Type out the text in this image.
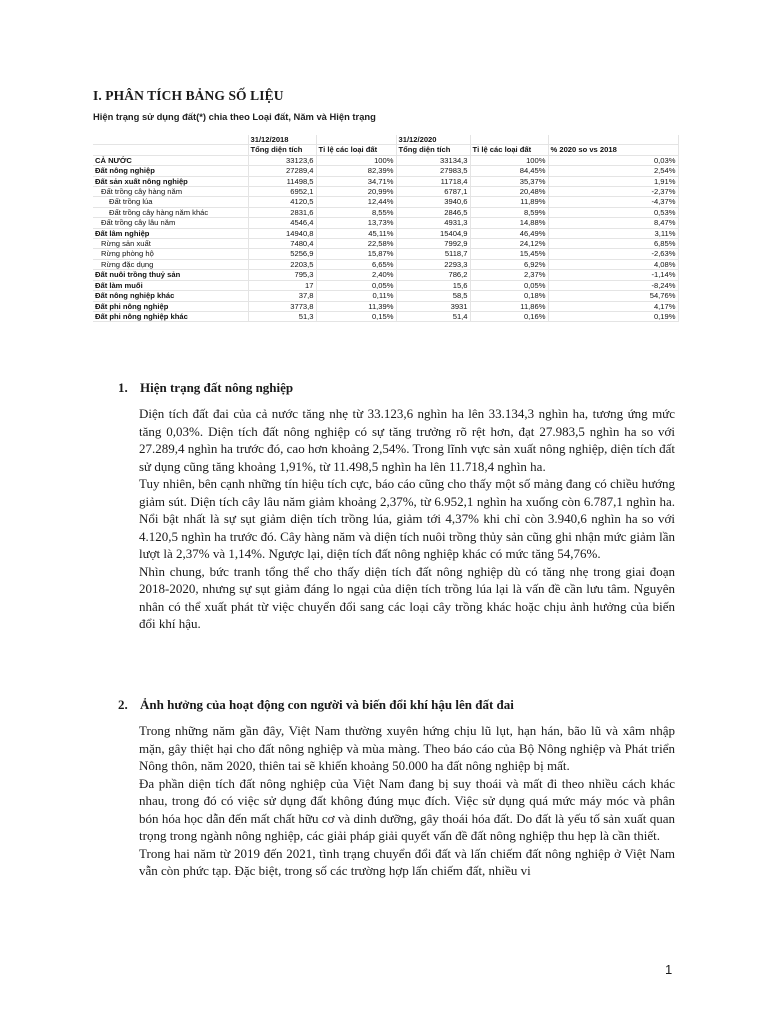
I. PHÂN TÍCH BẢNG SỐ LIỆU
Hiện trạng sử dụng đất(*) chia theo Loại đất, Năm và Hiện trạng
	31/12/2018		31/12/2020		
	Tổng diện tích	Tỉ lệ các loại đất	Tổng diện tích	Tỉ lệ các loại đất	% 2020 so vs 2018
CẢ NƯỚC	33123,6	100%	33134,3	100%	0,03%
Đất nông nghiệp	27289,4	82,39%	27983,5	84,45%	2,54%
Đất sản xuất nông nghiệp	11498,5	34,71%	11718,4	35,37%	1,91%
Đất trồng cây hàng năm	6952,1	20,99%	6787,1	20,48%	-2,37%
Đất trồng lúa	4120,5	12,44%	3940,6	11,89%	-4,37%
Đất trồng cây hàng năm khác	2831,6	8,55%	2846,5	8,59%	0,53%
Đất trồng cây lâu năm	4546,4	13,73%	4931,3	14,88%	8,47%
Đất lâm nghiệp	14940,8	45,11%	15404,9	46,49%	3,11%
Rừng sản xuất	7480,4	22,58%	7992,9	24,12%	6,85%
Rừng phòng hộ	5256,9	15,87%	5118,7	15,45%	-2,63%
Rừng đặc dụng	2203,5	6,65%	2293,3	6,92%	4,08%
Đất nuôi trồng thuỷ sản	795,3	2,40%	786,2	2,37%	-1,14%
Đất làm muối	17	0,05%	15,6	0,05%	-8,24%
Đất nông nghiệp khác	37,8	0,11%	58,5	0,18%	54,76%
Đất phi nông nghiệp	3773,8	11,39%	3931	11,86%	4,17%
Đất phi nông nghiệp khác	51,3	0,15%	51,4	0,16%	0,19%
1. Hiện trạng đất nông nghiệp

Diện tích đất đai của cả nước tăng nhẹ từ 33.123,6 nghìn ha lên 33.134,3 nghìn ha, tương ứng mức tăng 0,03%. Diện tích đất nông nghiệp có sự tăng trưởng rõ rệt hơn, đạt 27.983,5 nghìn ha so với 27.289,4 nghìn ha trước đó, cao hơn khoảng 2,54%. Trong lĩnh vực sản xuất nông nghiệp, diện tích đất sử dụng cũng tăng khoảng 1,91%, từ 11.498,5 nghìn ha lên 11.718,4 nghìn ha.

Tuy nhiên, bên cạnh những tín hiệu tích cực, báo cáo cũng cho thấy một số mảng đang có chiều hướng giảm sút. Diện tích cây lâu năm giảm khoảng 2,37%, từ 6.952,1 nghìn ha xuống còn 6.787,1 nghìn ha. Nổi bật nhất là sự sụt giảm diện tích trồng lúa, giảm tới 4,37% khi chỉ còn 3.940,6 nghìn ha so với 4.120,5 nghìn ha trước đó. Cây hàng năm và diện tích nuôi trồng thủy sản cũng ghi nhận mức giảm lần lượt là 2,37% và 1,14%. Ngược lại, diện tích đất nông nghiệp khác có mức tăng 54,76%.

Nhìn chung, bức tranh tổng thể cho thấy diện tích đất nông nghiệp dù có tăng nhẹ trong giai đoạn 2018-2020, nhưng sự sụt giảm đáng lo ngại của diện tích trồng lúa lại là vấn đề cần lưu tâm. Nguyên nhân có thể xuất phát từ việc chuyển đổi sang các loại cây trồng khác hoặc chịu ảnh hưởng của biến đổi khí hậu.

2. Ảnh hưởng của hoạt động con người và biến đổi khí hậu lên đất đai

Trong những năm gần đây, Việt Nam thường xuyên hứng chịu lũ lụt, hạn hán, bão lũ và xâm nhập mặn, gây thiệt hại cho đất nông nghiệp và mùa màng. Theo báo cáo của Bộ Nông nghiệp và Phát triển Nông thôn, năm 2020, thiên tai sẽ khiến khoảng 50.000 ha đất nông nghiệp bị mất.

Đa phần diện tích đất nông nghiệp của Việt Nam đang bị suy thoái và mất đi theo nhiều cách khác nhau, trong đó có việc sử dụng đất không đúng mục đích. Việc sử dụng quá mức máy móc và phân bón hóa học dẫn đến mất chất hữu cơ và dinh dưỡng, gây thoái hóa đất. Do đất là yếu tố sản xuất quan trọng trong ngành nông nghiệp, các giải pháp giải quyết vấn đề đất nông nghiệp thu hẹp là cần thiết.

Trong hai năm từ 2019 đến 2021, tình trạng chuyển đổi đất và lấn chiếm đất nông nghiệp ở Việt Nam vẫn còn phức tạp. Đặc biệt, trong số các trường hợp lấn chiếm đất, nhiều vi

1
